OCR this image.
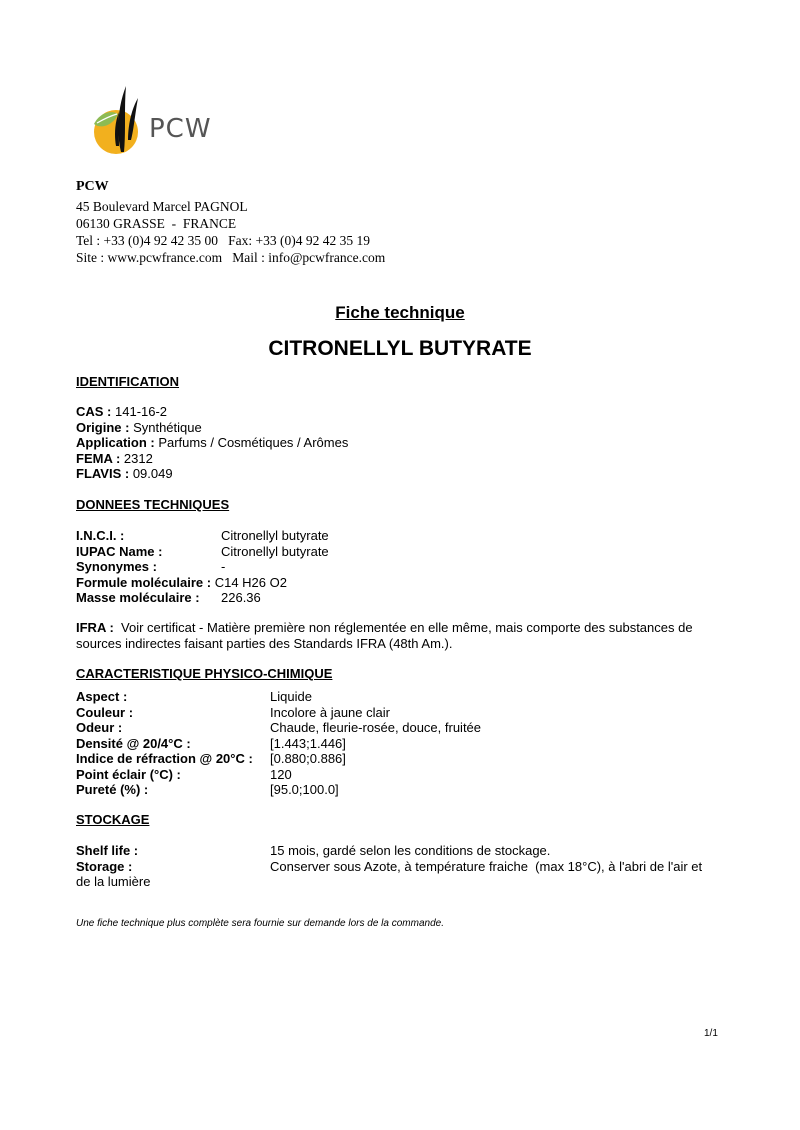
PCW
PCW
45 Boulevard Marcel PAGNOL
06130 GRASSE  -  FRANCE
Tel : +33 (0)4 92 42 35 00   Fax: +33 (0)4 92 42 35 19
Site : www.pcwfrance.com   Mail : info@pcwfrance.com
Fiche technique
CITRONELLYL BUTYRATE
IDENTIFICATION
CAS : 141-16-2
Origine : Synthétique
Application : Parfums / Cosmétiques / Arômes
FEMA : 2312
FLAVIS : 09.049
DONNEES TECHNIQUES
I.N.C.I. :	Citronellyl butyrate
IUPAC Name :	Citronellyl butyrate
Synonymes :	-
Formule moléculaire : C14 H26 O2
Masse moléculaire : 226.36
IFRA :  Voir certificat - Matière première non réglementée en elle même, mais comporte des substances de sources indirectes faisant parties des Standards IFRA (48th Am.).
CARACTERISTIQUE PHYSICO-CHIMIQUE
Aspect :	Liquide
Couleur :	Incolore à jaune clair
Odeur :	Chaude, fleurie-rosée, douce, fruitée
Densité @ 20/4°C :	[1.443;1.446]
Indice de réfraction @ 20°C : [0.880;0.886]
Point éclair (°C) :	120
Pureté (%) :	[95.0;100.0]
STOCKAGE
Shelf life :	15 mois, gardé selon les conditions de stockage.
Storage :	Conserver sous Azote, à température fraiche  (max 18°C), à l'abri de l'air et
de la lumière
Une fiche technique plus complète sera fournie sur demande lors de la commande.
1/1
